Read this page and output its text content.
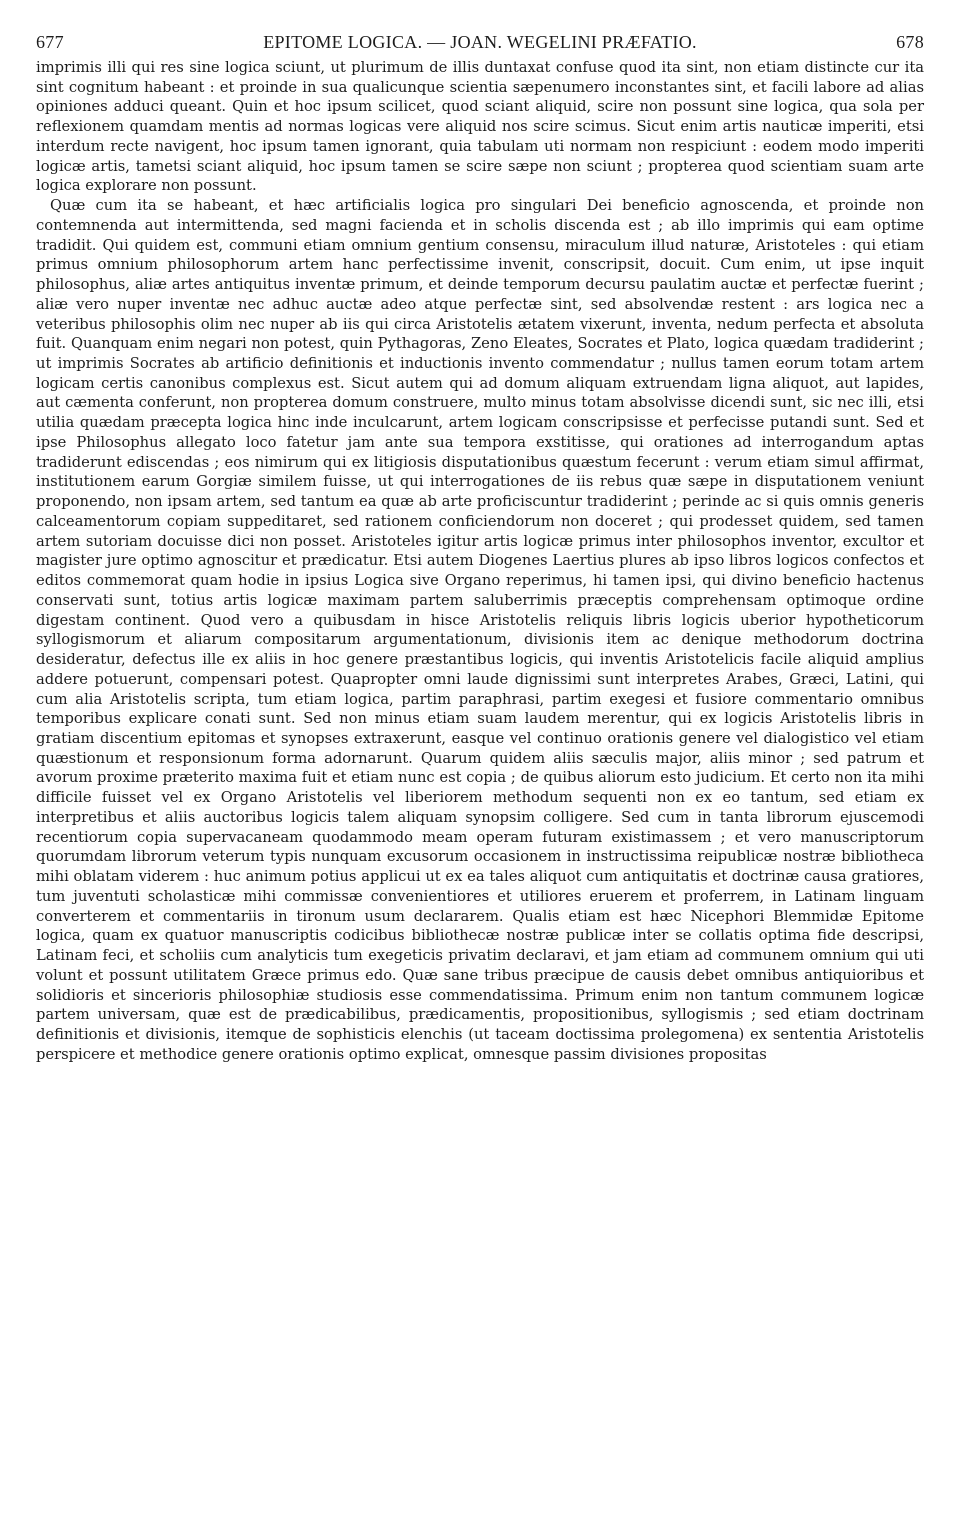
677	EPITOME LOGICA. — JOAN. WEGELINI PRÆFATIO.	678

imprimis illi qui res sine logica sciunt, ut plurimum de illis duntaxat confuse quod ita sint, non etiam distincte cur ita sint cognitum habeant : et proinde in sua qualicunque scientia sæpenumero inconstantes sint, et facili labore ad alias opiniones adduci queant. Quin et hoc ipsum scilicet, quod sciant aliquid, scire non possunt sine logica, qua sola per reflexionem quamdam mentis ad normas logicas vere aliquid nos scire scimus. Sicut enim artis nauticæ imperiti, etsi interdum recte navigent, hoc ipsum tamen ignorant, quia tabulam uti normam non respiciunt : eodem modo imperiti logicæ artis, tametsi sciant aliquid, hoc ipsum tamen se scire sæpe non sciunt ; propterea quod scientiam suam arte logica explorare non possunt.

Quæ cum ita se habeant, et hæc artificialis logica pro singulari Dei beneficio agnoscenda, et proinde non contemnenda aut intermittenda, sed magni facienda et in scholis discenda est ; ab illo imprimis qui eam optime tradidit. Qui quidem est, communi etiam omnium gentium consensu, miraculum illud naturæ, Aristoteles : qui etiam primus omnium philosophorum artem hanc perfectissime invenit, conscripsit, docuit. Cum enim, ut ipse inquit philosophus, aliæ artes antiquitus inventæ primum, et deinde temporum decursu paulatim auctæ et perfectæ fuerint ; aliæ vero nuper inventæ nec adhuc auctæ adeo atque perfectæ sint, sed absolvendæ restent : ars logica nec a veteribus philosophis olim nec nuper ab iis qui circa Aristotelis ætatem vixerunt, inventa, nedum perfecta et absoluta fuit. Quanquam enim negari non potest, quin Pythagoras, Zeno Eleates, Socrates et Plato, logica quædam tradiderint ; ut imprimis Socrates ab artificio definitionis et inductionis invento commendatur ; nullus tamen eorum totam artem logicam certis canonibus complexus est. Sicut autem qui ad domum aliquam extruendam ligna aliquot, aut lapides, aut cæmenta conferunt, non propterea domum construere, multo minus totam absolvisse dicendi sunt, sic nec illi, etsi utilia quædam præcepta logica hinc inde inculcarunt, artem logicam conscripsisse et perfecisse putandi sunt. Sed et ipse Philosophus allegato loco fatetur jam ante sua tempora exstitisse, qui orationes ad interrogandum aptas tradiderunt ediscendas ; eos nimirum qui ex litigiosis disputationibus quæstum fecerunt : verum etiam simul affirmat, institutionem earum Gorgiæ similem fuisse, ut qui interrogationes de iis rebus quæ sæpe in disputationem veniunt proponendo, non ipsam artem, sed tantum ea quæ ab arte proficiscuntur tradiderint ; perinde ac si quis omnis generis calceamentorum copiam suppeditaret, sed rationem conficiendorum non doceret ; qui prodesset quidem, sed tamen artem sutoriam docuisse dici non posset. Aristoteles igitur artis logicæ primus inter philosophos inventor, excultor et magister jure optimo agnoscitur et prædicatur. Etsi autem Diogenes Laertius plures ab ipso libros logicos confectos et editos commemorat quam hodie in ipsius Logica sive Organo reperimus, hi tamen ipsi, qui divino beneficio hactenus conservati sunt, totius artis logicæ maximam partem saluberrimis præceptis comprehensam optimoque ordine digestam continent. Quod vero a quibusdam in hisce Aristotelis reliquis libris logicis uberior hypotheticorum syllogismorum et aliarum compositarum argumentationum, divisionis item ac denique methodorum doctrina desideratur, defectus ille ex aliis in hoc genere præstantibus logicis, qui inventis Aristotelicis facile aliquid amplius addere potuerunt, compensari potest. Quapropter omni laude dignissimi sunt interpretes Arabes, Græci, Latini, qui cum alia Aristotelis scripta, tum etiam logica, partim paraphrasi, partim exegesi et fusiore commentario omnibus temporibus explicare conati sunt. Sed non minus etiam suam laudem merentur, qui ex logicis Aristotelis libris in gratiam discentium epitomas et synopses extraxerunt, easque vel continuo orationis genere vel dialogistico vel etiam quæstionum et responsionum forma adornarunt. Quarum quidem aliis sæculis major, aliis minor ; sed patrum et avorum proxime præterito maxima fuit et etiam nunc est copia ; de quibus aliorum esto judicium. Et certo non ita mihi difficile fuisset vel ex Organo Aristotelis vel liberiorem methodum sequenti non ex eo tantum, sed etiam ex interpretibus et aliis auctoribus logicis talem aliquam synopsim colligere. Sed cum in tanta librorum ejuscemodi recentiorum copia supervacaneam quodammodo meam operam futuram existimassem ; et vero manuscriptorum quorumdam librorum veterum typis nunquam excusorum occasionem in instructissima reipublicæ nostræ bibliotheca mihi oblatam viderem : huc animum potius applicui ut ex ea tales aliquot cum antiquitatis et doctrinæ causa gratiores, tum juventuti scholasticæ mihi commissæ convenientiores et utiliores eruerem et proferrem, in Latinam linguam converterem et commentariis in tironum usum declararem. Qualis etiam est hæc Nicephori Blemmidæ Epitome logica, quam ex quatuor manuscriptis codicibus bibliothecæ nostræ publicæ inter se collatis optima fide descripsi, Latinam feci, et scholiis cum analyticis tum exegeticis privatim declaravi, et jam etiam ad communem omnium qui uti volunt et possunt utilitatem Græce primus edo. Quæ sane tribus præcipue de causis debet omnibus antiquioribus et solidioris et sincerioris philosophiæ studiosis esse commendatissima. Primum enim non tantum communem logicæ partem universam, quæ est de prædicabilibus, prædicamentis, propositionibus, syllogismis ; sed etiam doctrinam definitionis et divisionis, itemque de sophisticis elenchis (ut taceam doctissima prolegomena) ex sententia Aristotelis perspicere et methodice genere orationis optimo explicat, omnesque passim divisiones propositas
